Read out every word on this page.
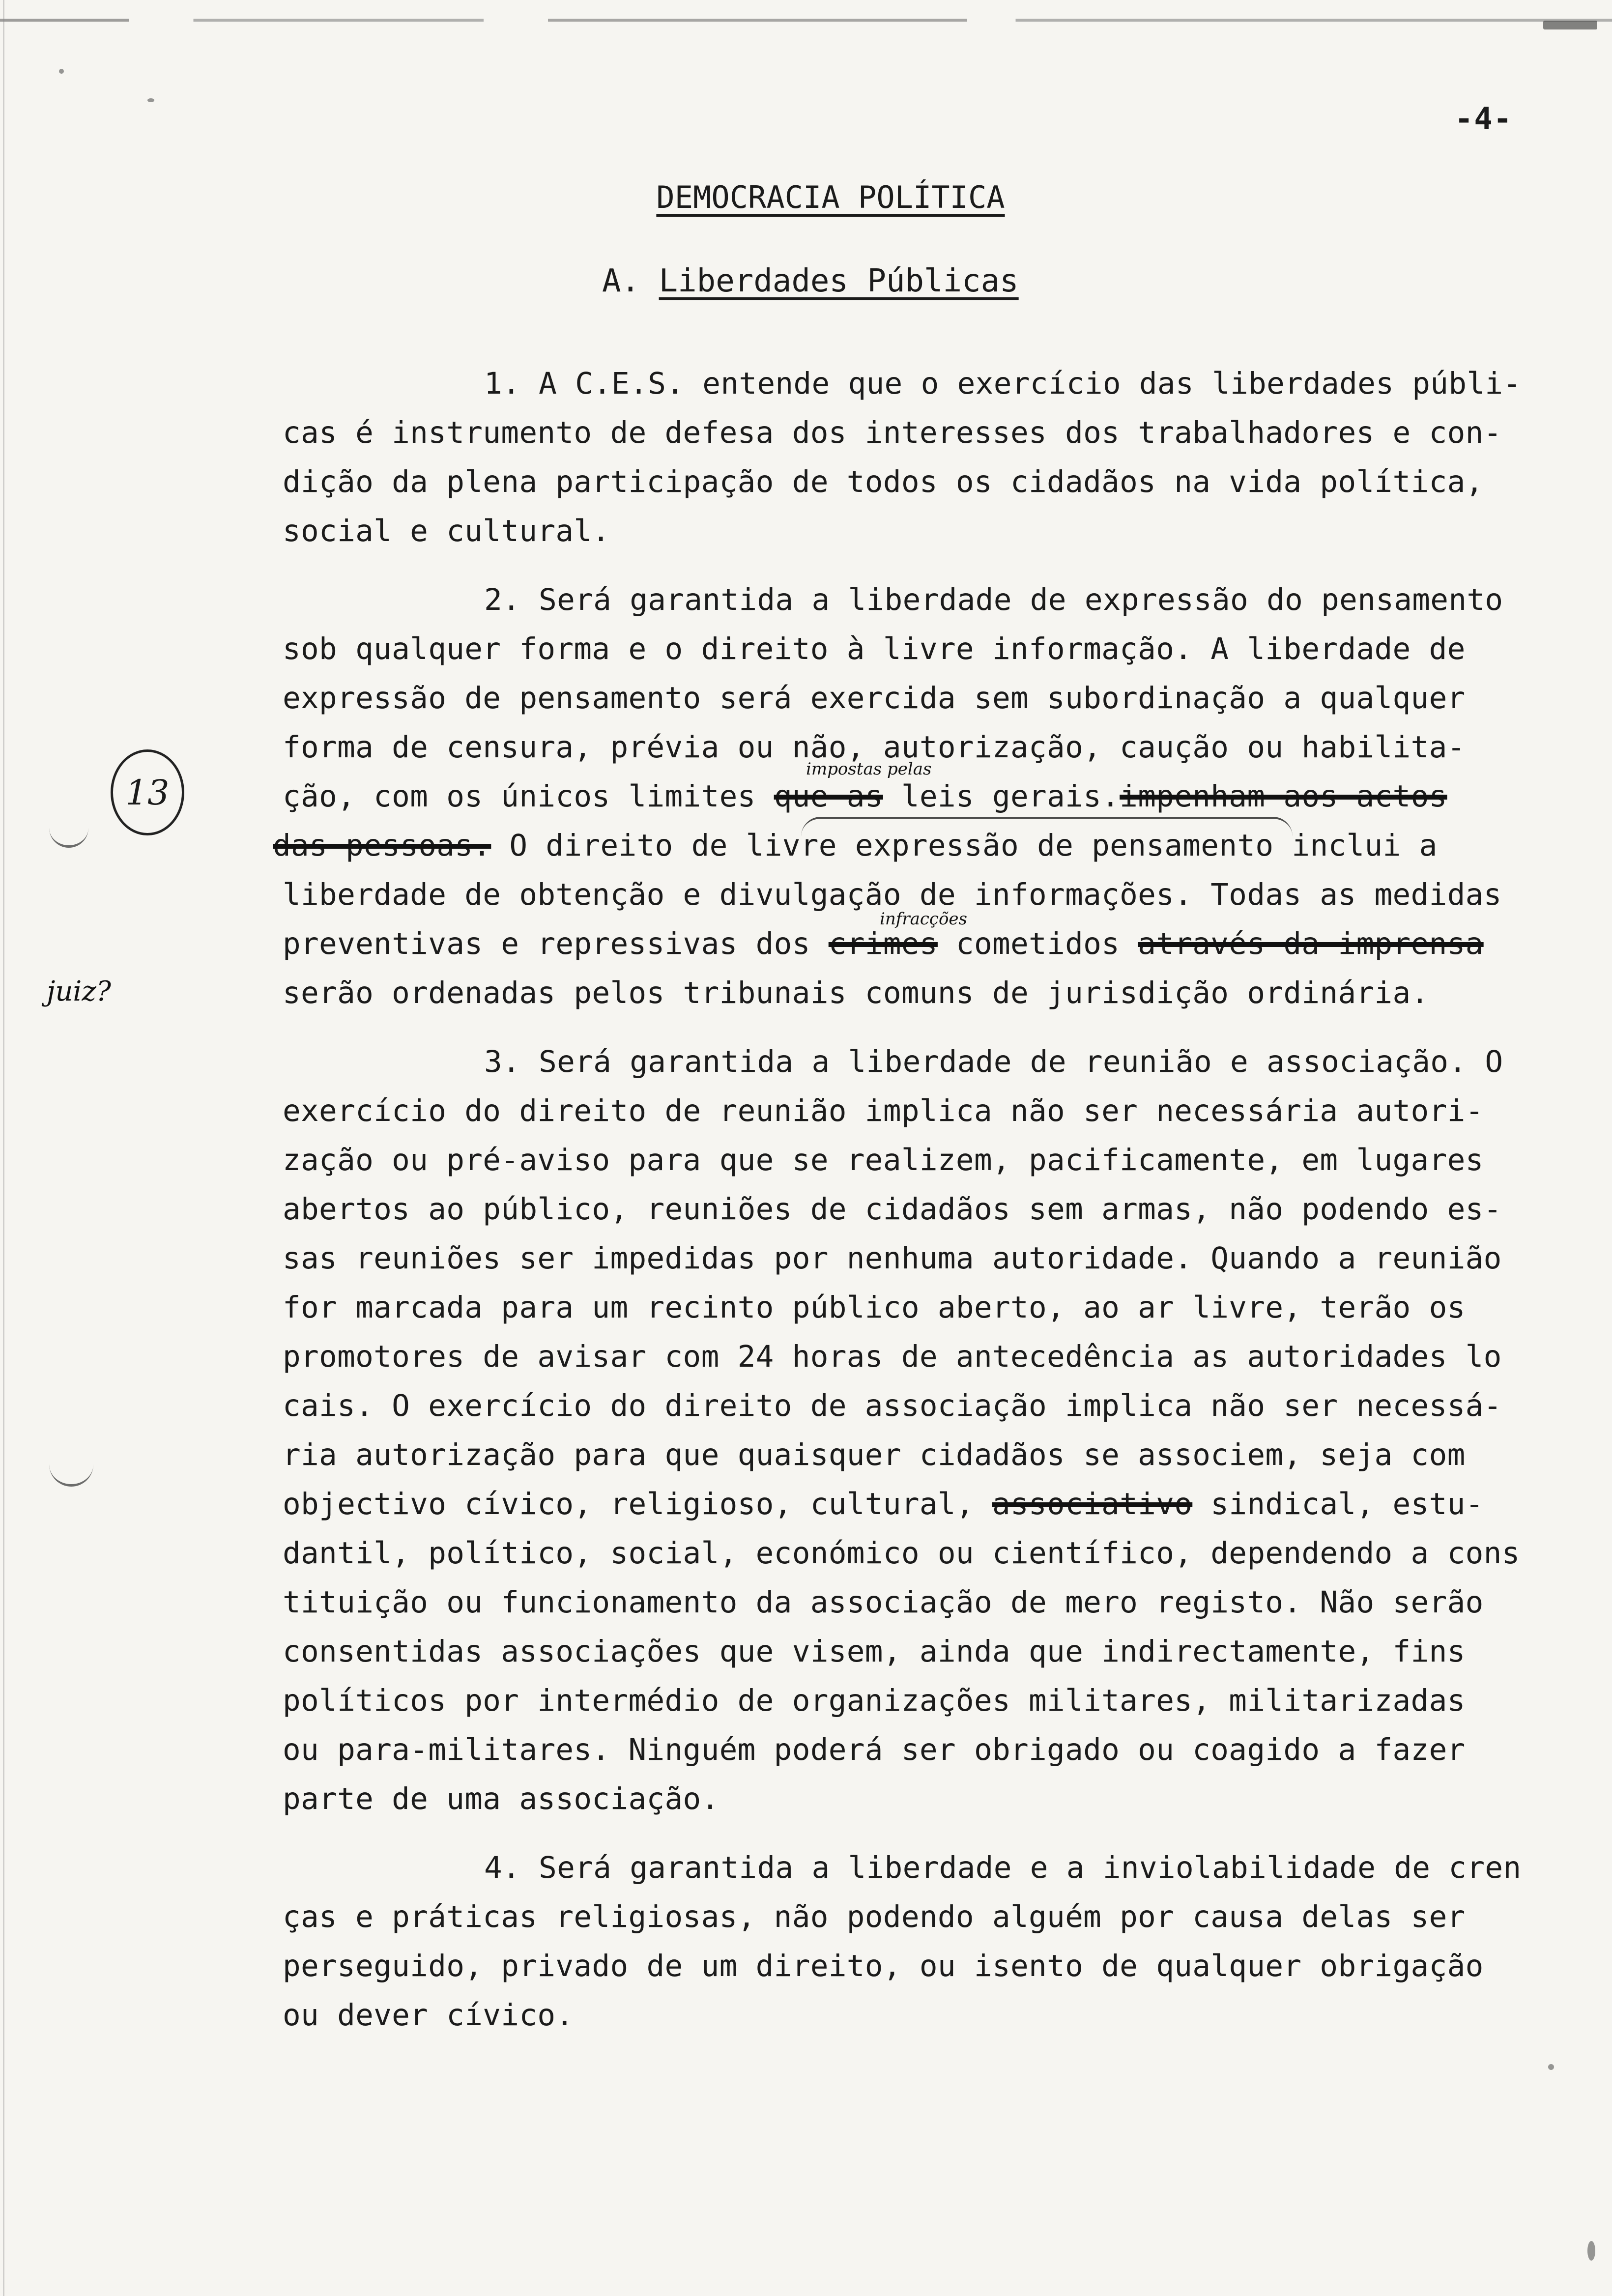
-4-
DEMOCRACIA POLÍTICA
A. Liberdades Públicas
1. A C.E.S. entende que o exercício das liberdades públi-
cas é instrumento de defesa dos interesses dos trabalhadores e con-
dição da plena participação de todos os cidadãos na vida política,
social e cultural.
2. Será garantida a liberdade de expressão do pensamento
sob qualquer forma e o direito à livre informação. A liberdade de
expressão de pensamento será exercida sem subordinação a qualquer
forma de censura, prévia ou não, autorização, caução ou habilita-
ção, com os únicos limites que as leis gerais.impenham aos actos
impostas pelas
das pessoas. O direito de livre expressão de pensamento inclui a
liberdade de obtenção e divulgação de informações. Todas as medidas
preventivas e repressivas dos crimes cometidos através da imprensa
infracções
serão ordenadas pelos tribunais comuns de jurisdição ordinária.
3. Será garantida a liberdade de reunião e associação. O
exercício do direito de reunião implica não ser necessária autori-
zação ou pré-aviso para que se realizem, pacificamente, em lugares
abertos ao público, reuniões de cidadãos sem armas, não podendo es-
sas reuniões ser impedidas por nenhuma autoridade. Quando a reunião
for marcada para um recinto público aberto, ao ar livre, terão os
promotores de avisar com 24 horas de antecedência as autoridades lo
cais. O exercício do direito de associação implica não ser necessá-
ria autorização para que quaisquer cidadãos se associem, seja com
objectivo cívico, religioso, cultural, associativo sindical, estu-
dantil, político, social, económico ou científico, dependendo a cons
tituição ou funcionamento da associação de mero registo. Não serão
consentidas associações que visem, ainda que indirectamente, fins
políticos por intermédio de organizações militares, militarizadas
ou para-militares. Ninguém poderá ser obrigado ou coagido a fazer
parte de uma associação.
4. Será garantida a liberdade e a inviolabilidade de cren
ças e práticas religiosas, não podendo alguém por causa delas ser
perseguido, privado de um direito, ou isento de qualquer obrigação
ou dever cívico.
13
juiz?
